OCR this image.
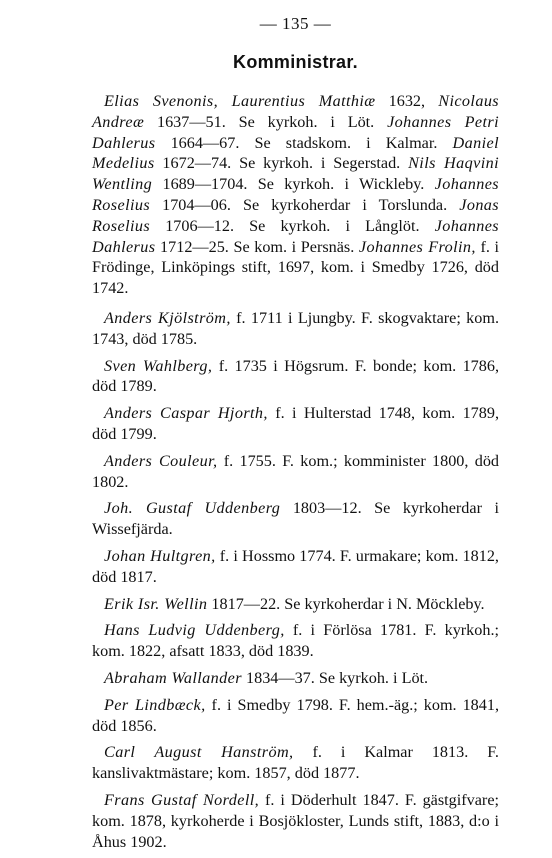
— 135 —
Komministrar.

Elias Svenonis, Laurentius Matthiæ 1632, Nicolaus Andreæ 1637—51. Se kyrkoh. i Löt. Johannes Petri Dahlerus 1664—67. Se stadskom. i Kalmar. Daniel Medelius 1672—74. Se kyrkoh. i Segerstad. Nils Haqvini Wentling 1689—1704. Se kyrkoh. i Wickleby. Johannes Roselius 1704—06. Se kyrkoherdar i Torslunda. Jonas Roselius 1706—12. Se kyrkoh. i Långlöt. Johannes Dahlerus 1712—25. Se kom. i Persnäs. Johannes Frolin, f. i Frödinge, Linköpings stift, 1697, kom. i Smedby 1726, död 1742.

Anders Kjölström, f. 1711 i Ljungby. F. skogvaktare; kom. 1743, död 1785.

Sven Wahlberg, f. 1735 i Högsrum. F. bonde; kom. 1786, död 1789.

Anders Caspar Hjorth, f. i Hulterstad 1748, kom. 1789, död 1799.

Anders Couleur, f. 1755. F. kom.; komminister 1800, död 1802.

Joh. Gustaf Uddenberg 1803—12. Se kyrkoherdar i Wissefjärda.

Johan Hultgren, f. i Hossmo 1774. F. urmakare; kom. 1812, död 1817.

Erik Isr. Wellin 1817—22. Se kyrkoherdar i N. Möckleby.

Hans Ludvig Uddenberg, f. i Förlösa 1781. F. kyrkoh.; kom. 1822, afsatt 1833, död 1839.

Abraham Wallander 1834—37. Se kyrkoh. i Löt.

Per Lindbæck, f. i Smedby 1798. F. hem.-äg.; kom. 1841, död 1856.

Carl August Hanström, f. i Kalmar 1813. F. kanslivaktmästare; kom. 1857, död 1877.

Frans Gustaf Nordell, f. i Döderhult 1847. F. gästgifvare; kom. 1878, kyrkoherde i Bosjökloster, Lunds stift, 1883, d:o i Åhus 1902.
